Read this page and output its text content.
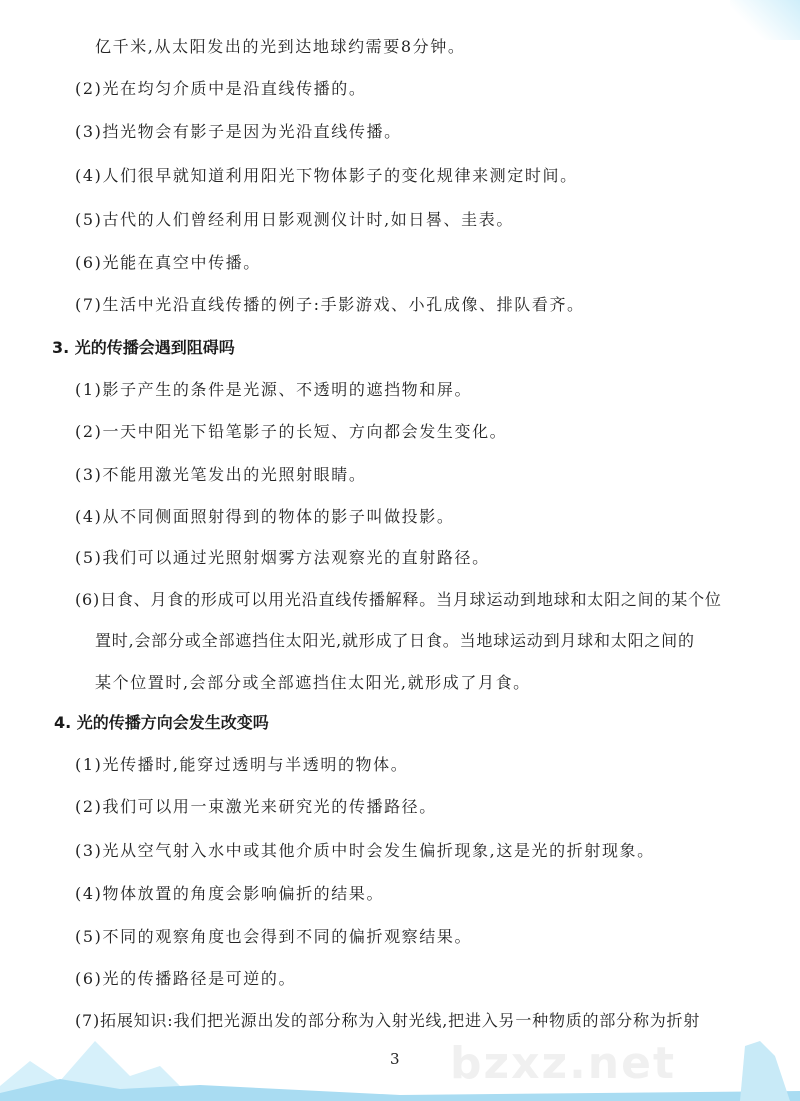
亿千米,从太阳发出的光到达地球约需要8分钟。
(2)光在均匀介质中是沿直线传播的。
(3)挡光物会有影子是因为光沿直线传播。
(4)人们很早就知道利用阳光下物体影子的变化规律来测定时间。
(5)古代的人们曾经利用日影观测仪计时,如日晷、圭表。
(6)光能在真空中传播。
(7)生活中光沿直线传播的例子:手影游戏、小孔成像、排队看齐。
3. 光的传播会遇到阻碍吗
(1)影子产生的条件是光源、不透明的遮挡物和屏。
(2)一天中阳光下铅笔影子的长短、方向都会发生变化。
(3)不能用激光笔发出的光照射眼睛。
(4)从不同侧面照射得到的物体的影子叫做投影。
(5)我们可以通过光照射烟雾方法观察光的直射路径。
(6)日食、月食的形成可以用光沿直线传播解释。当月球运动到地球和太阳之间的某个位
置时,会部分或全部遮挡住太阳光,就形成了日食。当地球运动到月球和太阳之间的
某个位置时,会部分或全部遮挡住太阳光,就形成了月食。
4. 光的传播方向会发生改变吗
(1)光传播时,能穿过透明与半透明的物体。
(2)我们可以用一束激光来研究光的传播路径。
(3)光从空气射入水中或其他介质中时会发生偏折现象,这是光的折射现象。
(4)物体放置的角度会影响偏折的结果。
(5)不同的观察角度也会得到不同的偏折观察结果。
(6)光的传播路径是可逆的。
(7)拓展知识:我们把光源出发的部分称为入射光线,把进入另一种物质的部分称为折射
3 bzxz.net
